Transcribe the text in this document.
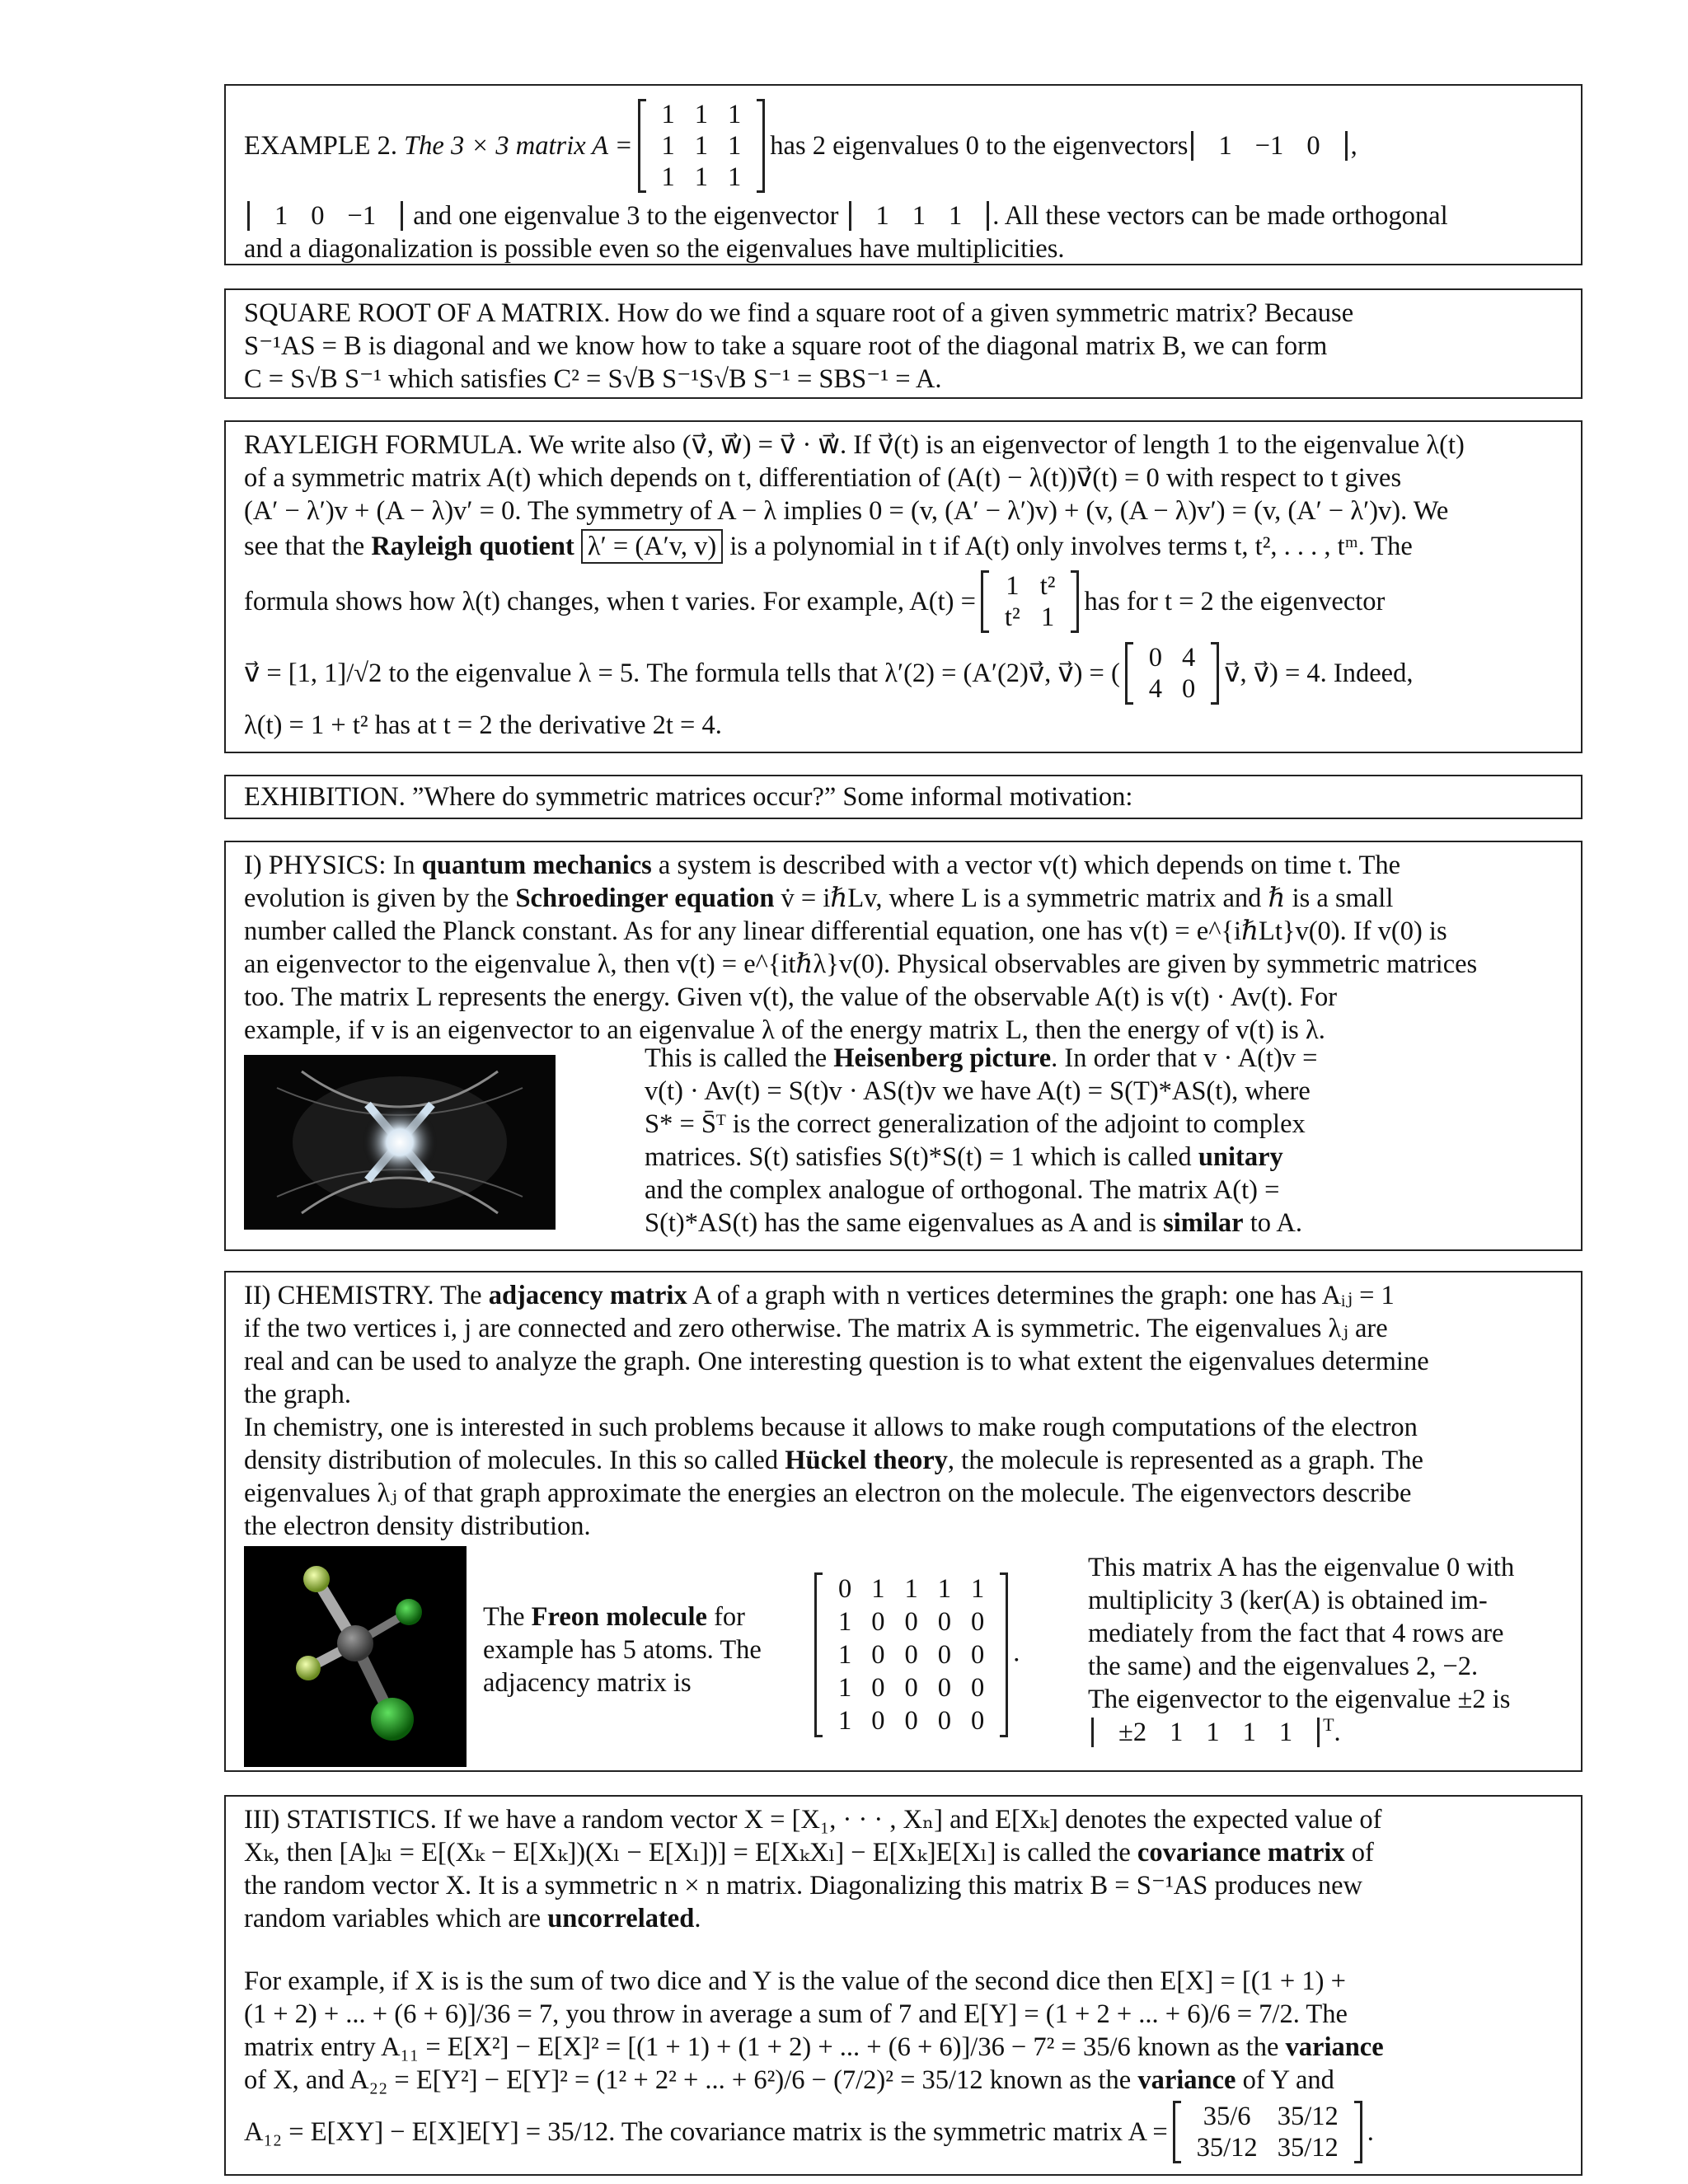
EXAMPLE 2.
The 3 × 3 matrix A =
1	1	1
1	1	1
1	1	1
has 2 eigenvalues 0 to the eigenvectors	1 −1 0	,
1 0 −1 and one eigenvalue 3 to the eigenvector 1 1 1 . All these vectors can be made orthogonal
and a diagonalization is possible even so the eigenvalues have multiplicities.
SQUARE ROOT OF A MATRIX. How do we find a square root of a given symmetric matrix? Because
S⁻¹AS = B is diagonal and we know how to take a square root of the diagonal matrix B, we can form
C = S√B S⁻¹ which satisfies C² = S√B S⁻¹S√B S⁻¹ = SBS⁻¹ = A.
RAYLEIGH FORMULA. We write also (v⃗, w⃗) = v⃗ · w⃗. If v⃗(t) is an eigenvector of length 1 to the eigenvalue λ(t)
of a symmetric matrix A(t) which depends on t, differentiation of (A(t) − λ(t))v⃗(t) = 0 with respect to t gives
(A′ − λ′)v + (A − λ)v′ = 0. The symmetry of A − λ implies 0 = (v, (A′ − λ′)v) + (v, (A − λ)v′) = (v, (A′ − λ′)v). We
see that the Rayleigh quotient λ′ = (A′v, v) is a polynomial in t if A(t) only involves terms t, t², . . . , tᵐ. The
formula shows how λ(t) changes, when t varies. For example, A(t) =
1	t²
t²	1
has for t = 2 the eigenvector
v⃗ = [1, 1]/√2 to the eigenvalue λ = 5. The formula tells that λ′(2) = (A′(2)v⃗, v⃗) = (
0	4
4	0
v⃗, v⃗) = 4. Indeed,
λ(t) = 1 + t² has at t = 2 the derivative 2t = 4.
EXHIBITION. ”Where do symmetric matrices occur?” Some informal motivation:
I) PHYSICS: In quantum mechanics a system is described with a vector v(t) which depends on time t. The
evolution is given by the Schroedinger equation v̇ = iℏLv, where L is a symmetric matrix and ℏ is a small
number called the Planck constant. As for any linear differential equation, one has v(t) = e^{iℏLt}v(0). If v(0) is
an eigenvector to the eigenvalue λ, then v(t) = e^{itℏλ}v(0). Physical observables are given by symmetric matrices
too. The matrix L represents the energy. Given v(t), the value of the observable A(t) is v(t) · Av(t). For
example, if v is an eigenvector to an eigenvalue λ of the energy matrix L, then the energy of v(t) is λ.
This is called the Heisenberg picture. In order that v · A(t)v =
v(t) · Av(t) = S(t)v · AS(t)v we have A(t) = S(T)*AS(t), where
S* = S̄ᵀ is the correct generalization of the adjoint to complex
matrices. S(t) satisfies S(t)*S(t) = 1 which is called unitary
and the complex analogue of orthogonal. The matrix A(t) =
S(t)*AS(t) has the same eigenvalues as A and is similar to A.
II) CHEMISTRY. The adjacency matrix A of a graph with n vertices determines the graph: one has Aᵢⱼ = 1
if the two vertices i, j are connected and zero otherwise. The matrix A is symmetric. The eigenvalues λⱼ are
real and can be used to analyze the graph. One interesting question is to what extent the eigenvalues determine
the graph.
In chemistry, one is interested in such problems because it allows to make rough computations of the electron
density distribution of molecules. In this so called Hückel theory, the molecule is represented as a graph. The
eigenvalues λⱼ of that graph approximate the energies an electron on the molecule. The eigenvectors describe
the electron density distribution.
The Freon molecule for
example has 5 atoms. The
adjacency matrix is
0	1	1	1	1
1	0	0	0	0
1	0	0	0	0
1	0	0	0	0
1	0	0	0	0
.
This matrix A has the eigenvalue 0 with
multiplicity 3 (ker(A) is obtained im-
mediately from the fact that 4 rows are
the same) and the eigenvalues 2, −2.
The eigenvector to the eigenvalue ±2 is
±2 1 1 1 1 $^T$.
III) STATISTICS. If we have a random vector X = [X₁, · · · , Xₙ] and E[Xₖ] denotes the expected value of
Xₖ, then [A]ₖₗ = E[(Xₖ − E[Xₖ])(Xₗ − E[Xₗ])] = E[XₖXₗ] − E[Xₖ]E[Xₗ] is called the covariance matrix of
the random vector X. It is a symmetric n × n matrix. Diagonalizing this matrix B = S⁻¹AS produces new
random variables which are uncorrelated.
For example, if X is is the sum of two dice and Y is the value of the second dice then E[X] = [(1 + 1) +
(1 + 2) + ... + (6 + 6)]/36 = 7, you throw in average a sum of 7 and E[Y] = (1 + 2 + ... + 6)/6 = 7/2. The
matrix entry A₁₁ = E[X²] − E[X]² = [(1 + 1) + (1 + 2) + ... + (6 + 6)]/36 − 7² = 35/6 known as the variance
of X, and A₂₂ = E[Y²] − E[Y]² = (1² + 2² + ... + 6²)/6 − (7/2)² = 35/12 known as the variance of Y and
A₁₂ = E[XY] − E[X]E[Y] = 35/12. The covariance matrix is the symmetric matrix A =
35/6	35/12
35/12	35/12
.
